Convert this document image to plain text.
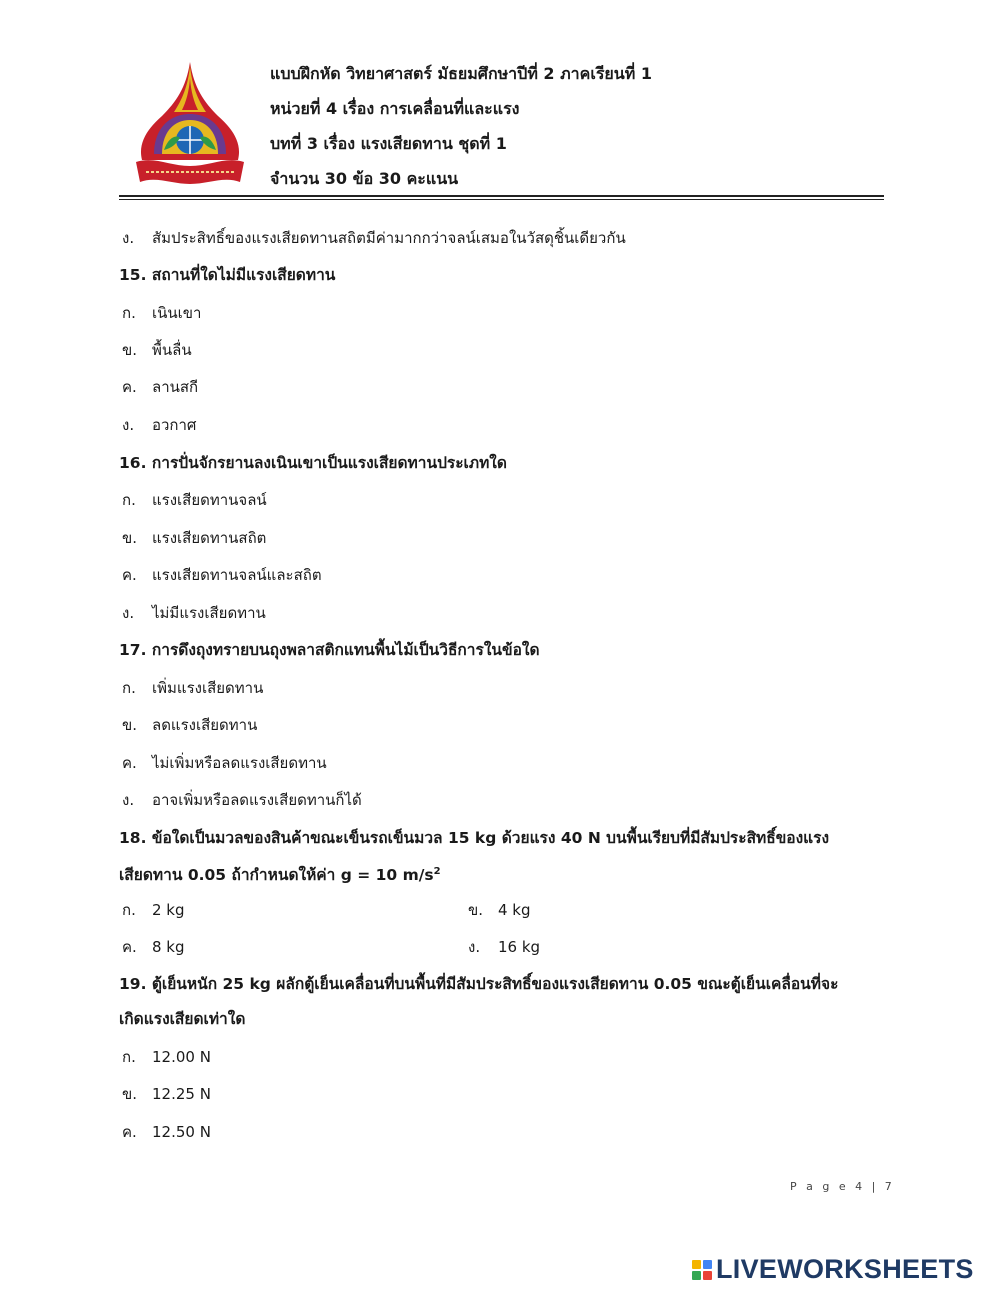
แบบฝึกหัด วิทยาศาสตร์ มัธยมศึกษาปีที่ 2 ภาคเรียนที่ 1
หน่วยที่ 4 เรื่อง การเคลื่อนที่และแรง
บทที่ 3 เรื่อง แรงเสียดทาน ชุดที่ 1
จำนวน 30 ข้อ 30 คะแนน
ง. สัมประสิทธิ์ของแรงเสียดทานสถิตมีค่ามากกว่าจลน์เสมอในวัสดุชิ้นเดียวกัน
15. สถานที่ใดไม่มีแรงเสียดทาน
ก. เนินเขา
ข. พื้นลื่น
ค. ลานสกี
ง. อวกาศ
16. การปั่นจักรยานลงเนินเขาเป็นแรงเสียดทานประเภทใด
ก. แรงเสียดทานจลน์
ข. แรงเสียดทานสถิต
ค. แรงเสียดทานจลน์และสถิต
ง. ไม่มีแรงเสียดทาน
17. การดึงถุงทรายบนถุงพลาสติกแทนพื้นไม้เป็นวิธีการในข้อใด
ก. เพิ่มแรงเสียดทาน
ข. ลดแรงเสียดทาน
ค. ไม่เพิ่มหรือลดแรงเสียดทาน
ง. อาจเพิ่มหรือลดแรงเสียดทานก็ได้
18. ข้อใดเป็นมวลของสินค้าขณะเข็นรถเข็นมวล 15 kg ด้วยแรง 40 N บนพื้นเรียบที่มีสัมประสิทธิ์ของแรง
เสียดทาน 0.05 ถ้ากำหนดให้ค่า g = 10 $m/s^2$
ก. 2 kg	ข. 4 kg
ค. 8 kg	ง. 16 kg
19. ตู้เย็นหนัก 25 kg ผลักตู้เย็นเคลื่อนที่บนพื้นที่มีสัมประสิทธิ์ของแรงเสียดทาน 0.05 ขณะตู้เย็นเคลื่อนที่จะ
เกิดแรงเสียดเท่าใด
ก. 12.00 N
ข. 12.25 N
ค. 12.50 N
P a g e 4 | 7
LIVEWORKSHEETS
